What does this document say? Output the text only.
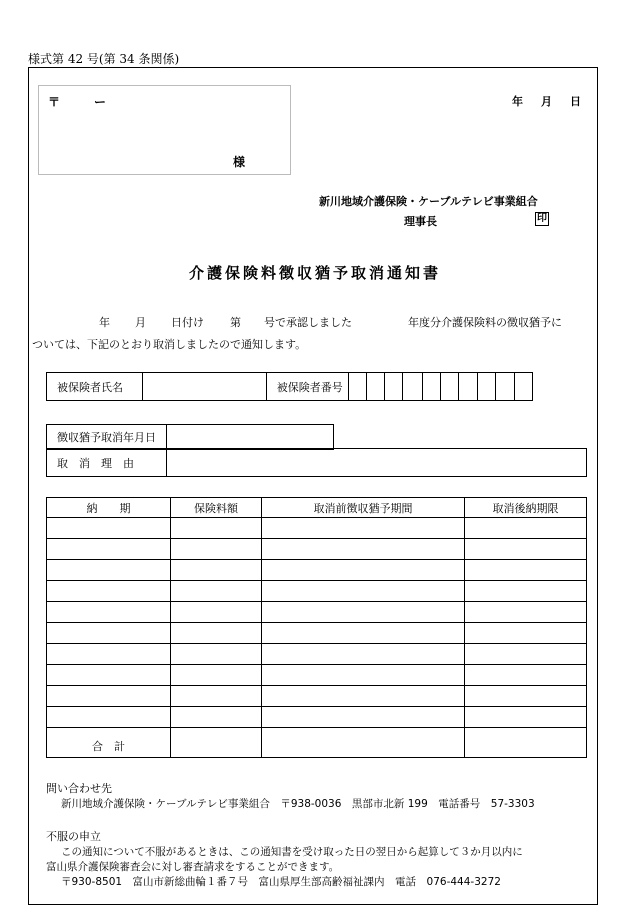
様式第 42 号(第 34 条関係)
〒	ー
様
年 月 日
新川地域介護保険・ケーブルテレビ事業組合
理事長	印
介護保険料徴収猶予取消通知書
年 月 日付け 第 号で承認しました	年度分介護保険料の徴収猶予に
ついては、下記のとおり取消しましたので通知します。
被保険者氏名		被保険者番号										
徴収猶予取消年月日	
取　消　理　由	
納　　期	保険料額	取消前徴収猶予期間	取消後納期限

合　計			
問い合わせ先
新川地域介護保険・ケーブルテレビ事業組合　〒938-0036　黒部市北新 199　電話番号　57-3303
不服の申立
この通知について不服があるときは、この通知書を受け取った日の翌日から起算して３か月以内に
富山県介護保険審査会に対し審査請求をすることができます。
〒930-8501　富山市新総曲輪１番７号　富山県厚生部高齢福祉課内　電話　076-444-3272
